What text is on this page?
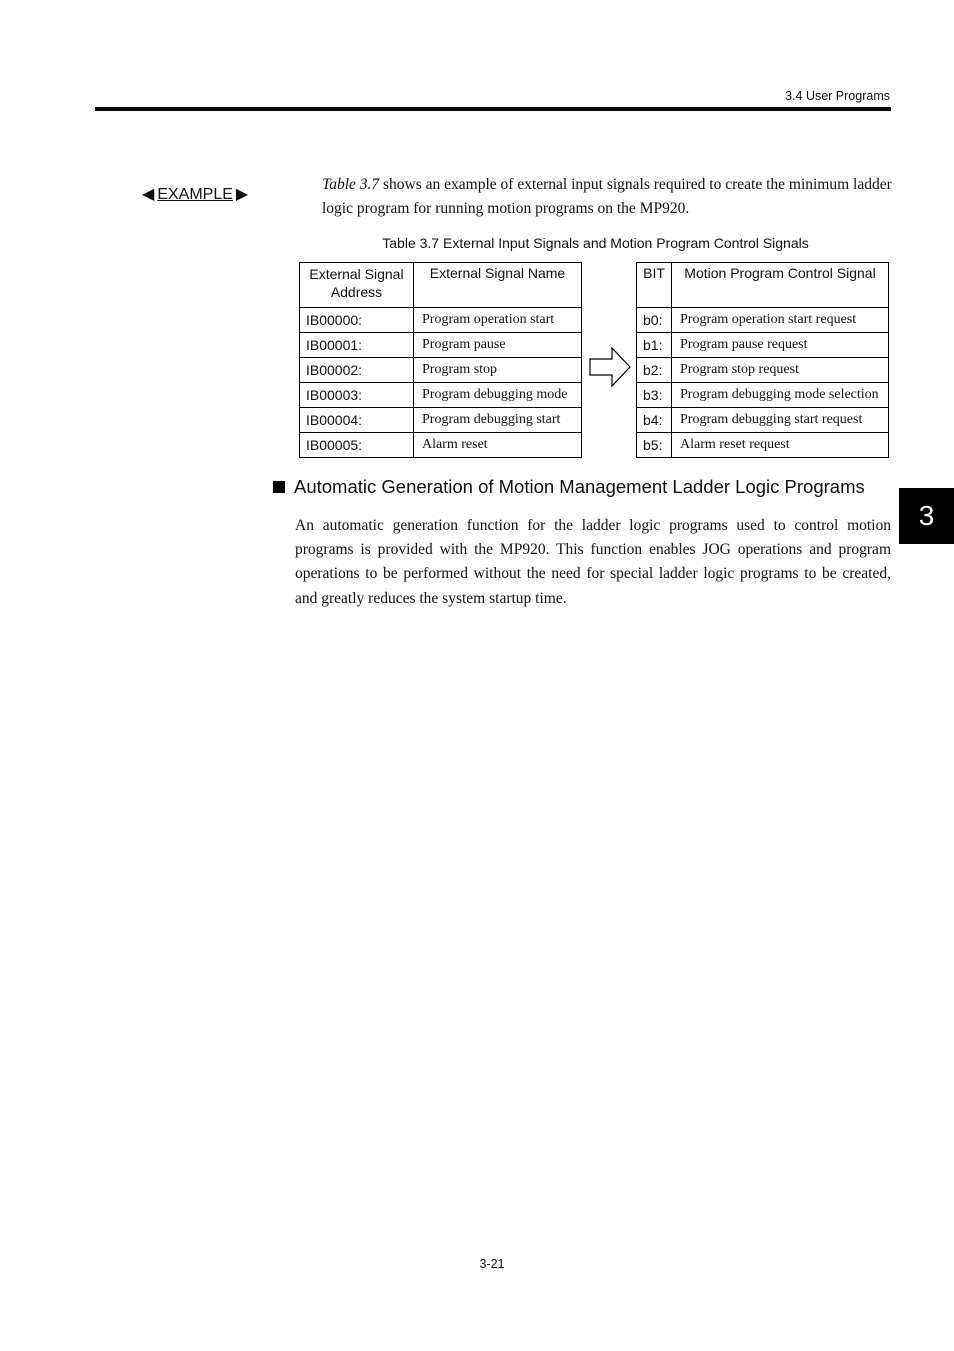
3.4 User Programs
◀ EXAMPLE ▶
Table 3.7 shows an example of external input signals required to create the minimum ladder logic program for running motion programs on the MP920.
Table 3.7 External Input Signals and Motion Program Control Signals
External Signal Address	External Signal Name
IB00000:	Program operation start
IB00001:	Program pause
IB00002:	Program stop
IB00003:	Program debugging mode
IB00004:	Program debugging start
IB00005:	Alarm reset
BIT	Motion Program Control Signal
b0:	Program operation start request
b1:	Program pause request
b2:	Program stop request
b3:	Program debugging mode selection
b4:	Program debugging start request
b5:	Alarm reset request
Automatic Generation of Motion Management Ladder Logic Programs
An automatic generation function for the ladder logic programs used to control motion programs is provided with the MP920. This function enables JOG operations and program operations to be performed without the need for special ladder logic programs to be created, and greatly reduces the system startup time.
3
3-21
